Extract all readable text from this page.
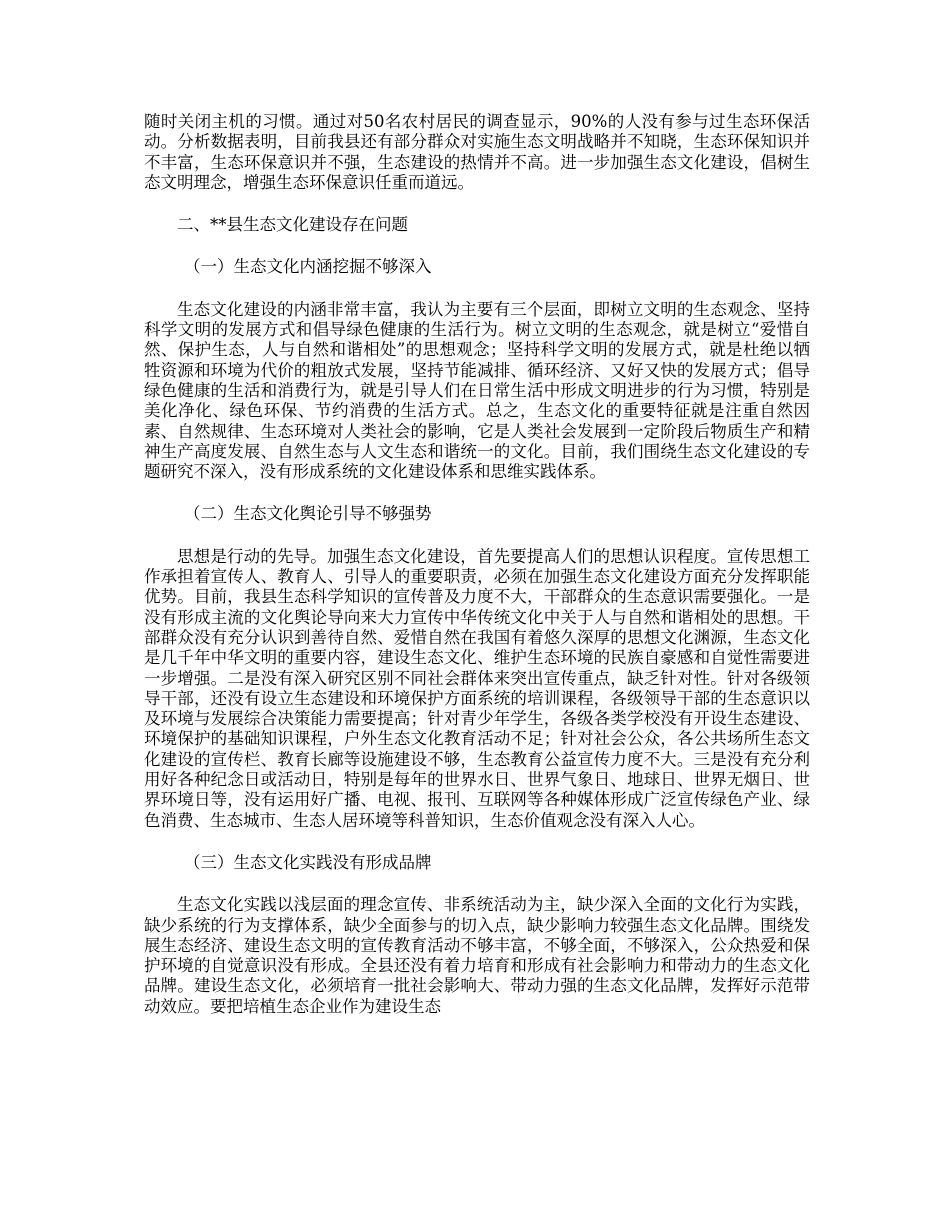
随时关闭主机的习惯。通过对50名农村居民的调查显示，90%的人没有参与过生态环保活动。分析数据表明，目前我县还有部分群众对实施生态文明战略并不知晓，生态环保知识并不丰富，生态环保意识并不强，生态建设的热情并不高。进一步加强生态文化建设，倡树生态文明理念，增强生态环保意识任重而道远。

二、**县生态文化建设存在问题

（一）生态文化内涵挖掘不够深入

生态文化建设的内涵非常丰富，我认为主要有三个层面，即树立文明的生态观念、坚持科学文明的发展方式和倡导绿色健康的生活行为。树立文明的生态观念，就是树立“爱惜自然、保护生态，人与自然和谐相处”的思想观念；坚持科学文明的发展方式，就是杜绝以牺牲资源和环境为代价的粗放式发展，坚持节能减排、循环经济、又好又快的发展方式；倡导绿色健康的生活和消费行为，就是引导人们在日常生活中形成文明进步的行为习惯，特别是美化净化、绿色环保、节约消费的生活方式。总之，生态文化的重要特征就是注重自然因素、自然规律、生态环境对人类社会的影响，它是人类社会发展到一定阶段后物质生产和精神生产高度发展、自然生态与人文生态和谐统一的文化。目前，我们围绕生态文化建设的专题研究不深入，没有形成系统的文化建设体系和思维实践体系。

（二）生态文化舆论引导不够强势

思想是行动的先导。加强生态文化建设，首先要提高人们的思想认识程度。宣传思想工作承担着宣传人、教育人、引导人的重要职责，必须在加强生态文化建设方面充分发挥职能优势。目前，我县生态科学知识的宣传普及力度不大，干部群众的生态意识需要强化。一是没有形成主流的文化舆论导向来大力宣传中华传统文化中关于人与自然和谐相处的思想。干部群众没有充分认识到善待自然、爱惜自然在我国有着悠久深厚的思想文化渊源，生态文化是几千年中华文明的重要内容，建设生态文化、维护生态环境的民族自豪感和自觉性需要进一步增强。二是没有深入研究区别不同社会群体来突出宣传重点，缺乏针对性。针对各级领导干部，还没有设立生态建设和环境保护方面系统的培训课程，各级领导干部的生态意识以及环境与发展综合决策能力需要提高；针对青少年学生，各级各类学校没有开设生态建设、环境保护的基础知识课程，户外生态文化教育活动不足；针对社会公众，各公共场所生态文化建设的宣传栏、教育长廊等设施建设不够，生态教育公益宣传力度不大。三是没有充分利用好各种纪念日或活动日，特别是每年的世界水日、世界气象日、地球日、世界无烟日、世界环境日等，没有运用好广播、电视、报刊、互联网等各种媒体形成广泛宣传绿色产业、绿色消费、生态城市、生态人居环境等科普知识，生态价值观念没有深入人心。

（三）生态文化实践没有形成品牌

生态文化实践以浅层面的理念宣传、非系统活动为主，缺少深入全面的文化行为实践，缺少系统的行为支撑体系，缺少全面参与的切入点，缺少影响力较强生态文化品牌。围绕发展生态经济、建设生态文明的宣传教育活动不够丰富，不够全面，不够深入，公众热爱和保护环境的自觉意识没有形成。全县还没有着力培育和形成有社会影响力和带动力的生态文化品牌。建设生态文化，必须培育一批社会影响大、带动力强的生态文化品牌，发挥好示范带动效应。要把培植生态企业作为建设生态
